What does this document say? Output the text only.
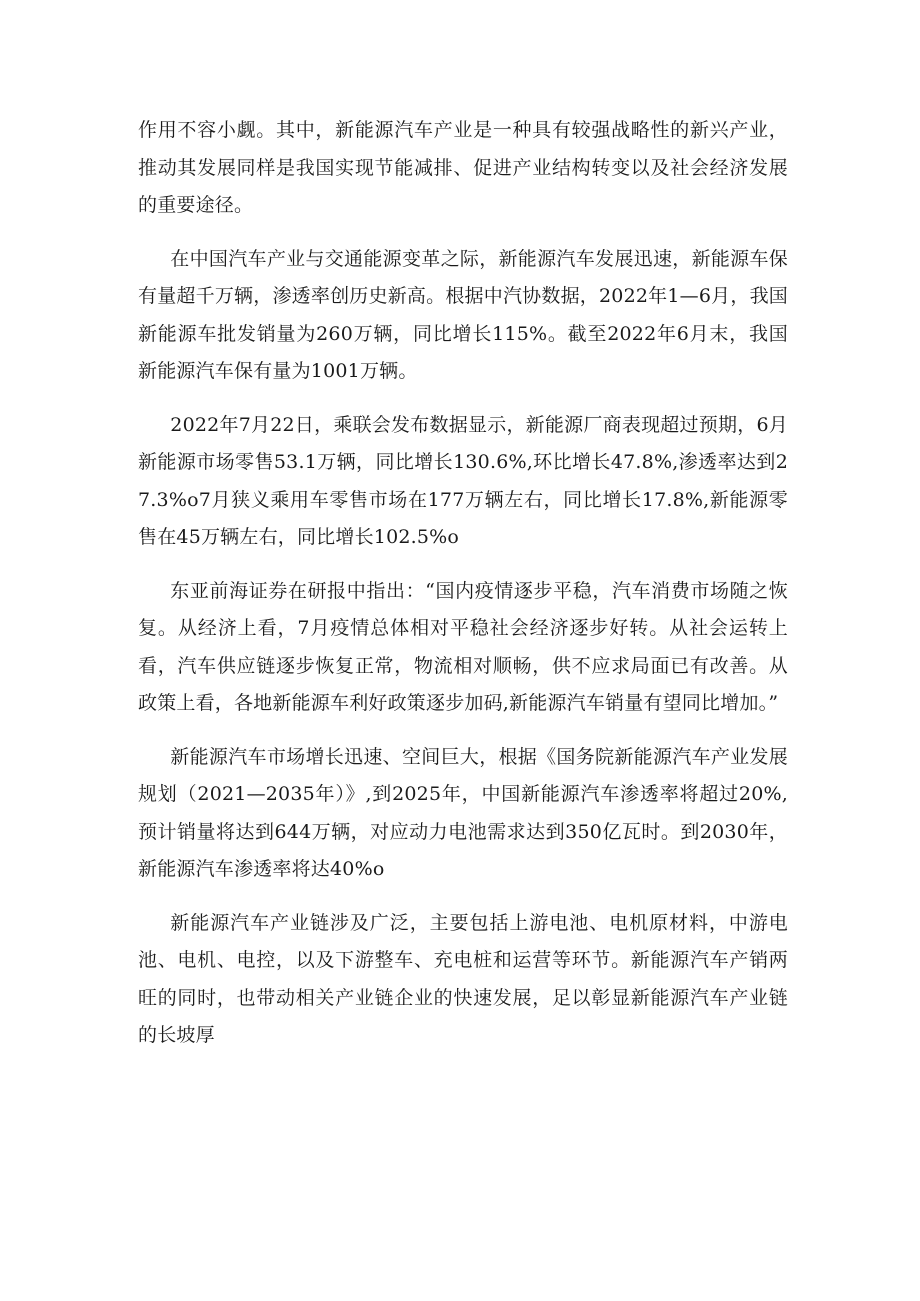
作用不容小觑。其中，新能源汽车产业是一种具有较强战略性的新兴产业，推动其发展同样是我国实现节能减排、促进产业结构转变以及社会经济发展的重要途径。

在中国汽车产业与交通能源变革之际，新能源汽车发展迅速，新能源车保有量超千万辆，渗透率创历史新高。根据中汽协数据，2022年1—6月，我国新能源车批发销量为260万辆，同比增长115%。截至2022年6月末，我国新能源汽车保有量为1001万辆。

2022年7月22日，乘联会发布数据显示，新能源厂商表现超过预期，6月新能源市场零售53.1万辆，同比增长130.6%,环比增长47.8%,渗透率达到27.3%o7月狭义乘用车零售市场在177万辆左右，同比增长17.8%,新能源零售在45万辆左右，同比增长102.5%o

东亚前海证券在研报中指出：“国内疫情逐步平稳，汽车消费市场随之恢复。从经济上看，7月疫情总体相对平稳社会经济逐步好转。从社会运转上看，汽车供应链逐步恢复正常，物流相对顺畅，供不应求局面已有改善。从政策上看，各地新能源车利好政策逐步加码,新能源汽车销量有望同比增加。”

新能源汽车市场增长迅速、空间巨大，根据《国务院新能源汽车产业发展规划（2021—2035年）》,到2025年，中国新能源汽车渗透率将超过20%,预计销量将达到644万辆，对应动力电池需求达到350亿瓦时。到2030年，新能源汽车渗透率将达40%o

新能源汽车产业链涉及广泛，主要包括上游电池、电机原材料，中游电池、电机、电控，以及下游整车、充电桩和运营等环节。新能源汽车产销两旺的同时，也带动相关产业链企业的快速发展，足以彰显新能源汽车产业链的长坡厚
